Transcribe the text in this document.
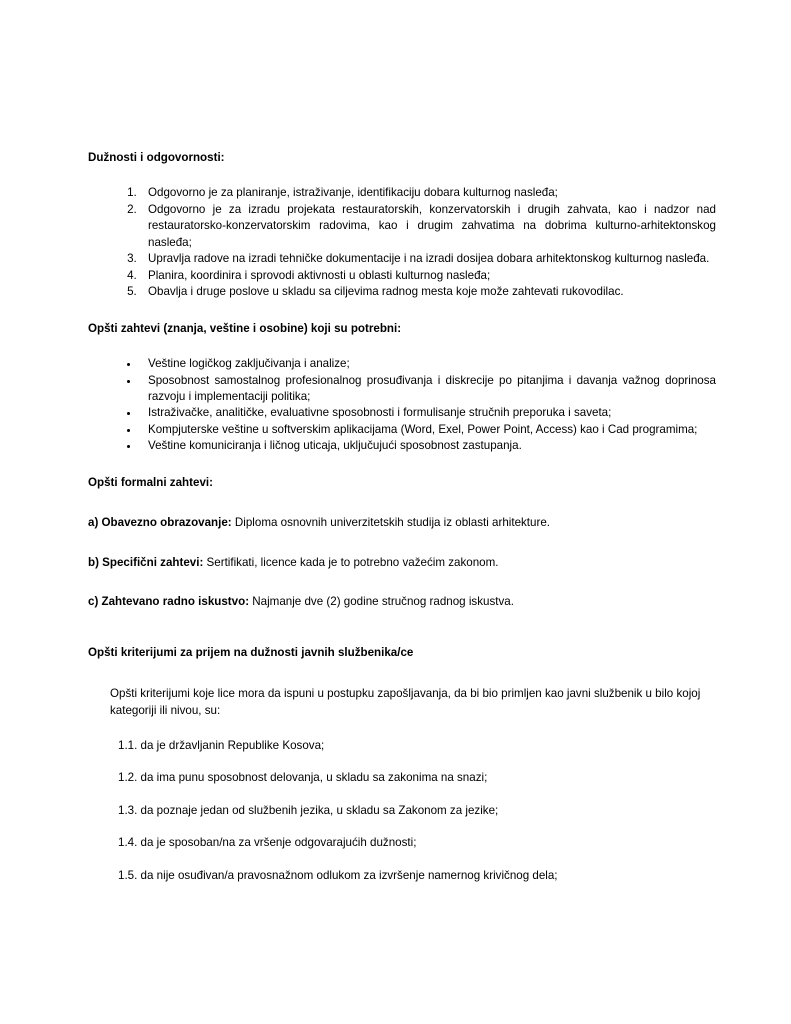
Dužnosti i odgovornosti:

1. Odgovorno je za planiranje, istraživanje, identifikaciju dobara kulturnog nasleđa;
2. Odgovorno je za izradu projekata restauratorskih, konzervatorskih i drugih zahvata, kao i nadzor nad restauratorsko-konzervatorskim radovima, kao i drugim zahvatima na dobrima kulturno-arhitektonskog nasleđa;
3. Upravlja radove na izradi tehničke dokumentacije i na izradi dosijea dobara arhitektonskog kulturnog nasleđa.
4. Planira, koordinira i sprovodi aktivnosti u oblasti kulturnog nasleđa;
5. Obavlja i druge poslove u skladu sa ciljevima radnog mesta koje može zahtevati rukovodilac.

Opšti zahtevi (znanja, veštine i osobine) koji su potrebni:

• Veštine logičkog zaključivanja i analize;
• Sposobnost samostalnog profesionalnog prosuđivanja i diskrecije po pitanjima i davanja važnog doprinosa razvoju i implementaciji politika;
• Istraživačke, analitičke, evaluativne sposobnosti i formulisanje stručnih preporuka i saveta;
• Kompjuterske veštine u softverskim aplikacijama (Word, Exel, Power Point, Access) kao i Cad programima;
• Veštine komuniciranja i ličnog uticaja, uključujući sposobnost zastupanja.

Opšti formalni zahtevi:

a) Obavezno obrazovanje: Diploma osnovnih univerzitetskih studija iz oblasti arhitekture.

b) Specifični zahtevi: Sertifikati, licence kada je to potrebno važećim zakonom.

c) Zahtevano radno iskustvo: Najmanje dve (2) godine stručnog radnog iskustva.

Opšti kriterijumi za prijem na dužnosti javnih službenika/ce

Opšti kriterijumi koje lice mora da ispuni u postupku zapošljavanja, da bi bio primljen kao javni službenik u bilo kojoj kategoriji ili nivou, su:

1.1. da je državljanin Republike Kosova;

1.2. da ima punu sposobnost delovanja, u skladu sa zakonima na snazi;

1.3. da poznaje jedan od službenih jezika, u skladu sa Zakonom za jezike;

1.4. da je sposoban/na za vršenje odgovarajućih dužnosti;

1.5. da nije osuđivan/a pravosnažnom odlukom za izvršenje namernog krivičnog dela;
